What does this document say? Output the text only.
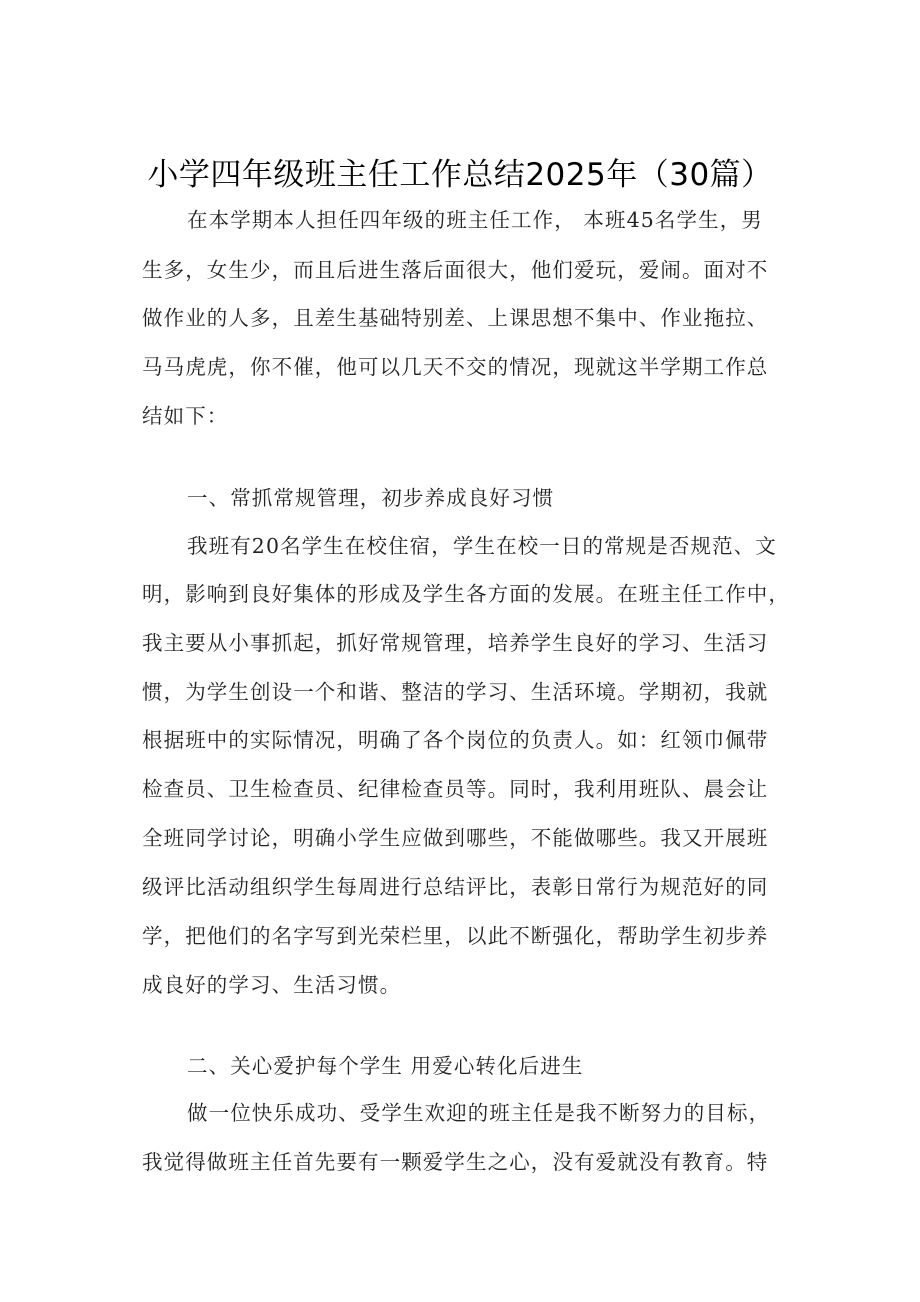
小学四年级班主任工作总结2025年（30篇）
在本学期本人担任四年级的班主任工作， 本班45名学生，男
生多，女生少，而且后进生落后面很大，他们爱玩，爱闹。面对不
做作业的人多，且差生基础特别差、上课思想不集中、作业拖拉、
马马虎虎，你不催，他可以几天不交的情况，现就这半学期工作总
结如下：
一、常抓常规管理，初步养成良好习惯
我班有20名学生在校住宿，学生在校一日的常规是否规范、文
明，影响到良好集体的形成及学生各方面的发展。在班主任工作中，
我主要从小事抓起，抓好常规管理，培养学生良好的学习、生活习
惯，为学生创设一个和谐、整洁的学习、生活环境。学期初，我就
根据班中的实际情况，明确了各个岗位的负责人。如：红领巾佩带
检查员、卫生检查员、纪律检查员等。同时，我利用班队、晨会让
全班同学讨论，明确小学生应做到哪些，不能做哪些。我又开展班
级评比活动组织学生每周进行总结评比，表彰日常行为规范好的同
学，把他们的名字写到光荣栏里，以此不断强化，帮助学生初步养
成良好的学习、生活习惯。
二、关心爱护每个学生 用爱心转化后进生
做一位快乐成功、受学生欢迎的班主任是我不断努力的目标，
我觉得做班主任首先要有一颗爱学生之心，没有爱就没有教育。特
